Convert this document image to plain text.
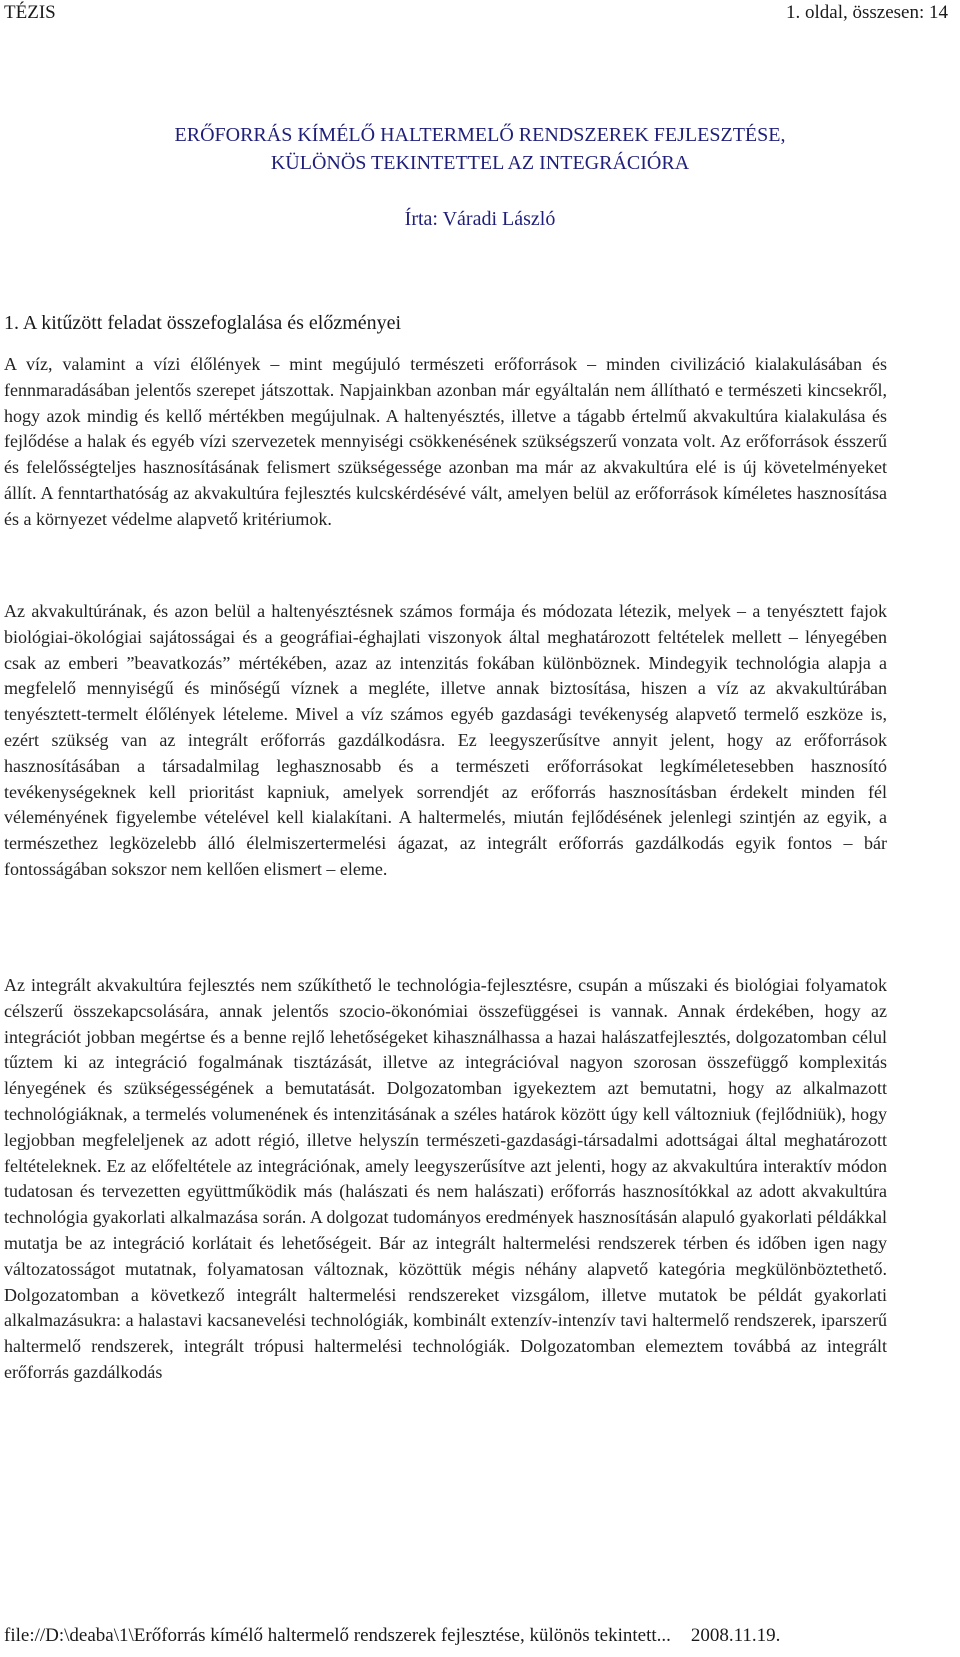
TÉZIS	1. oldal, összesen: 14
ERŐFORRÁS KÍMÉLŐ HALTERMELŐ RENDSZEREK FEJLESZTÉSE,
KÜLÖNÖS TEKINTETTEL AZ INTEGRÁCIÓRA
Írta: Váradi László
1. A kitűzött feladat összefoglalása és előzményei

A víz, valamint a vízi élőlények – mint megújuló természeti erőforrások – minden civilizáció kialakulásában és fennmaradásában jelentős szerepet játszottak. Napjainkban azonban már egyáltalán nem állítható e természeti kincsekről, hogy azok mindig és kellő mértékben megújulnak. A haltenyésztés, illetve a tágabb értelmű akvakultúra kialakulása és fejlődése a halak és egyéb vízi szervezetek mennyiségi csökkenésének szükségszerű vonzata volt. Az erőforrások ésszerű és felelősségteljes hasznosításának felismert szükségessége azonban ma már az akvakultúra elé is új követelményeket állít. A fenntarthatóság az akvakultúra fejlesztés kulcskérdésévé vált, amelyen belül az erőforrások kíméletes hasznosítása és a környezet védelme alapvető kritériumok.

Az akvakultúrának, és azon belül a haltenyésztésnek számos formája és módozata létezik, melyek – a tenyésztett fajok biológiai-ökológiai sajátosságai és a geográfiai-éghajlati viszonyok által meghatározott feltételek mellett – lényegében csak az emberi ”beavatkozás” mértékében, azaz az intenzitás fokában különböznek. Mindegyik technológia alapja a megfelelő mennyiségű és minőségű víznek a megléte, illetve annak biztosítása, hiszen a víz az akvakultúrában tenyésztett-termelt élőlények lételeme. Mivel a víz számos egyéb gazdasági tevékenység alapvető termelő eszköze is, ezért szükség van az integrált erőforrás gazdálkodásra. Ez leegyszerűsítve annyit jelent, hogy az erőforrások hasznosításában a társadalmilag leghasznosabb és a természeti erőforrásokat legkíméletesebben hasznosító tevékenységeknek kell prioritást kapniuk, amelyek sorrendjét az erőforrás hasznosításban érdekelt minden fél véleményének figyelembe vételével kell kialakítani. A haltermelés, miután fejlődésének jelenlegi szintjén az egyik, a természethez legközelebb álló élelmiszertermelési ágazat, az integrált erőforrás gazdálkodás egyik fontos – bár fontosságában sokszor nem kellően elismert – eleme.

Az integrált akvakultúra fejlesztés nem szűkíthető le technológia-fejlesztésre, csupán a műszaki és biológiai folyamatok célszerű összekapcsolására, annak jelentős szocio-ökonómiai összefüggései is vannak. Annak érdekében, hogy az integrációt jobban megértse és a benne rejlő lehetőségeket kihasználhassa a hazai halászatfejlesztés, dolgozatomban célul tűztem ki az integráció fogalmának tisztázását, illetve az integrációval nagyon szorosan összefüggő komplexitás lényegének és szükségességének a bemutatását. Dolgozatomban igyekeztem azt bemutatni, hogy az alkalmazott technológiáknak, a termelés volumenének és intenzitásának a széles határok között úgy kell változniuk (fejlődniük), hogy legjobban megfeleljenek az adott régió, illetve helyszín természeti-gazdasági-társadalmi adottságai által meghatározott feltételeknek. Ez az előfeltétele az integrációnak, amely leegyszerűsítve azt jelenti, hogy az akvakultúra interaktív módon tudatosan és tervezetten együttműködik más (halászati és nem halászati) erőforrás hasznosítókkal az adott akvakultúra technológia gyakorlati alkalmazása során. A dolgozat tudományos eredmények hasznosításán alapuló gyakorlati példákkal mutatja be az integráció korlátait és lehetőségeit. Bár az integrált haltermelési rendszerek térben és időben igen nagy változatosságot mutatnak, folyamatosan változnak, közöttük mégis néhány alapvető kategória megkülönböztethető. Dolgozatomban a következő integrált haltermelési rendszereket vizsgálom, illetve mutatok be példát gyakorlati alkalmazásukra: a halastavi kacsanevelési technológiák, kombinált extenzív-intenzív tavi haltermelő rendszerek, iparszerű haltermelő rendszerek, integrált trópusi haltermelési technológiák. Dolgozatomban elemeztem továbbá az integrált erőforrás gazdálkodás

file://D:\deaba\1\Erőforrás kímélő haltermelő rendszerek fejlesztése, különös tekintett... 2008.11.19.
